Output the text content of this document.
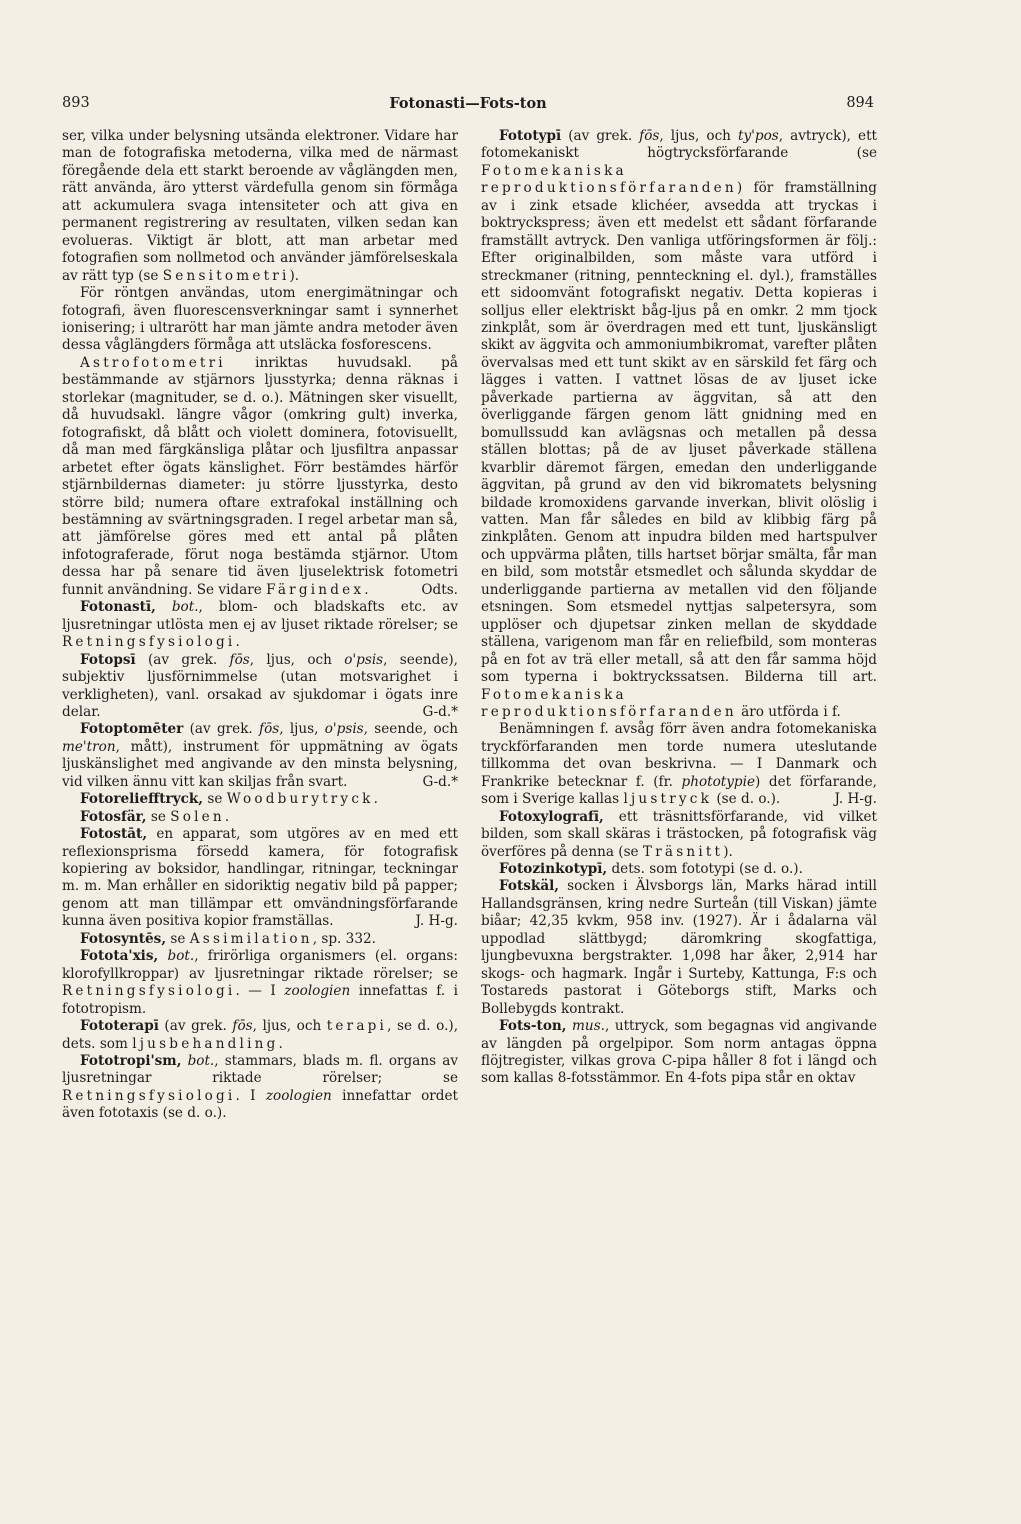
893	Fotonasti—Fots-ton	894

ser, vilka under belysning utsända elektroner. Vidare har man de fotografiska metoderna, vilka med de närmast föregående dela ett starkt beroende av våglängden men, rätt använda, äro ytterst värdefulla genom sin förmåga att ackumulera svaga intensiteter och att giva en permanent registrering av resultaten, vilken sedan kan evolueras. Viktigt är blott, att man arbetar med fotografien som nollmetod och använder jämförelseskala av rätt typ (se Sensitometri).

För röntgen användas, utom energimätningar och fotografi, även fluorescensverkningar samt i synnerhet ionisering; i ultrarött har man jämte andra metoder även dessa våglängders förmåga att utsläcka fosforescens.

Astrofotometri inriktas huvudsakl. på bestämmande av stjärnors ljusstyrka; denna räknas i storlekar (magnituder, se d. o.). Mätningen sker visuellt, då huvudsakl. längre vågor (omkring gult) inverka, fotografiskt, då blått och violett dominera, fotovisuellt, då man med färgkänsliga plåtar och ljusfiltra anpassar arbetet efter ögats känslighet. Förr bestämdes härför stjärnbildernas diameter: ju större ljusstyrka, desto större bild; numera oftare extrafokal inställning och bestämning av svärtningsgraden. I regel arbetar man så, att jämförelse göres med ett antal på plåten infotograferade, förut noga bestämda stjärnor. Utom dessa har på senare tid även ljuselektrisk fotometri funnit användning. Se vidare Färgindex.	Odts.

Fotonastī, bot., blom- och bladskafts etc. av ljusretningar utlösta men ej av ljuset riktade rörelser; se Retningsfysiologi.

Fotopsī (av grek. fōs, ljus, och o'psis, seende), subjektiv ljusförnimmelse (utan motsvarighet i verkligheten), vanl. orsakad av sjukdomar i ögats inre delar.	G-d.*

Fotoptomēter (av grek. fōs, ljus, o'psis, seende, och me'tron, mått), instrument för uppmätning av ögats ljuskänslighet med angivande av den minsta belysning, vid vilken ännu vitt kan skiljas från svart.	G-d.*

Fotoreliefftryck, se Woodburytryck.

Fotosfär, se Solen.

Fotostāt, en apparat, som utgöres av en med ett reflexionsprisma försedd kamera, för fotografisk kopiering av boksidor, handlingar, ritningar, teckningar m. m. Man erhåller en sidoriktig negativ bild på papper; genom att man tillämpar ett omvändningsförfarande kunna även positiva kopior framställas.	J. H-g.

Fotosyntēs, se Assimilation, sp. 332.

Fotota'xis, bot., frirörliga organismers (el. organs: klorofyllkroppar) av ljusretningar riktade rörelser; se Retningsfysiologi. — I zoologien innefattas f. i fototropism.

Fototerapī (av grek. fōs, ljus, och terapi, se d. o.), dets. som ljusbehandling.

Fototropi'sm, bot., stammars, blads m. fl. organs av ljusretningar riktade rörelser; se Retningsfysiologi. I zoologien innefattar ordet även fototaxis (se d. o.).

Fototypī (av grek. fōs, ljus, och ty'pos, avtryck), ett fotomekaniskt högtrycksförfarande (se Fotomekaniska reproduktionsförfaranden) för framställning av i zink etsade klichéer, avsedda att tryckas i boktryckspress; även ett medelst ett sådant förfarande framställt avtryck. Den vanliga utföringsformen är följ.: Efter originalbilden, som måste vara utförd i streckmaner (ritning, pennteckning el. dyl.), framställes ett sidoomvänt fotografiskt negativ. Detta kopieras i solljus eller elektriskt båg-ljus på en omkr. 2 mm tjock zinkplåt, som är överdragen med ett tunt, ljuskänsligt skikt av äggvita och ammoniumbikromat, varefter plåten övervalsas med ett tunt skikt av en särskild fet färg och lägges i vatten. I vattnet lösas de av ljuset icke påverkade partierna av äggvitan, så att den överliggande färgen genom lätt gnidning med en bomullssudd kan avlägsnas och metallen på dessa ställen blottas; på de av ljuset påverkade ställena kvarblir däremot färgen, emedan den underliggande äggvitan, på grund av den vid bikromatets belysning bildade kromoxidens garvande inverkan, blivit olöslig i vatten. Man får således en bild av klibbig färg på zinkplåten. Genom att inpudra bilden med hartspulver och uppvärma plåten, tills hartset börjar smälta, får man en bild, som motstår etsmedlet och sålunda skyddar de underliggande partierna av metallen vid den följande etsningen. Som etsmedel nyttjas salpetersyra, som upplöser och djupetsar zinken mellan de skyddade ställena, varigenom man får en reliefbild, som monteras på en fot av trä eller metall, så att den får samma höjd som typerna i boktryckssatsen. Bilderna till art. Fotomekaniska reproduktionsförfaranden äro utförda i f.

Benämningen f. avsåg förr även andra fotomekaniska tryckförfaranden men torde numera uteslutande tillkomma det ovan beskrivna. — I Danmark och Frankrike betecknar f. (fr. phototypie) det förfarande, som i Sverige kallas ljustryck (se d. o.).	J. H-g.

Fotoxylografī, ett träsnittsförfarande, vid vilket bilden, som skall skäras i trästocken, på fotografisk väg överföres på denna (se Träsnitt).

Fotozinkotypī, dets. som fototypi (se d. o.).

Fotskäl, socken i Älvsborgs län, Marks härad intill Hallandsgränsen, kring nedre Surteån (till Viskan) jämte biåar; 42,35 kvkm, 958 inv. (1927). Är i ådalarna väl uppodlad slättbygd; däromkring skogfattiga, ljungbevuxna bergstrakter. 1,098 har åker, 2,914 har skogs- och hagmark. Ingår i Surteby, Kattunga, F:s och Tostareds pastorat i Göteborgs stift, Marks och Bollebygds kontrakt.

Fots-ton, mus., uttryck, som begagnas vid angivande av längden på orgelpipor. Som norm antagas öppna flöjtregister, vilkas grova C-pipa håller 8 fot i längd och som kallas 8-fotsstämmor. En 4-fots pipa står en oktav
